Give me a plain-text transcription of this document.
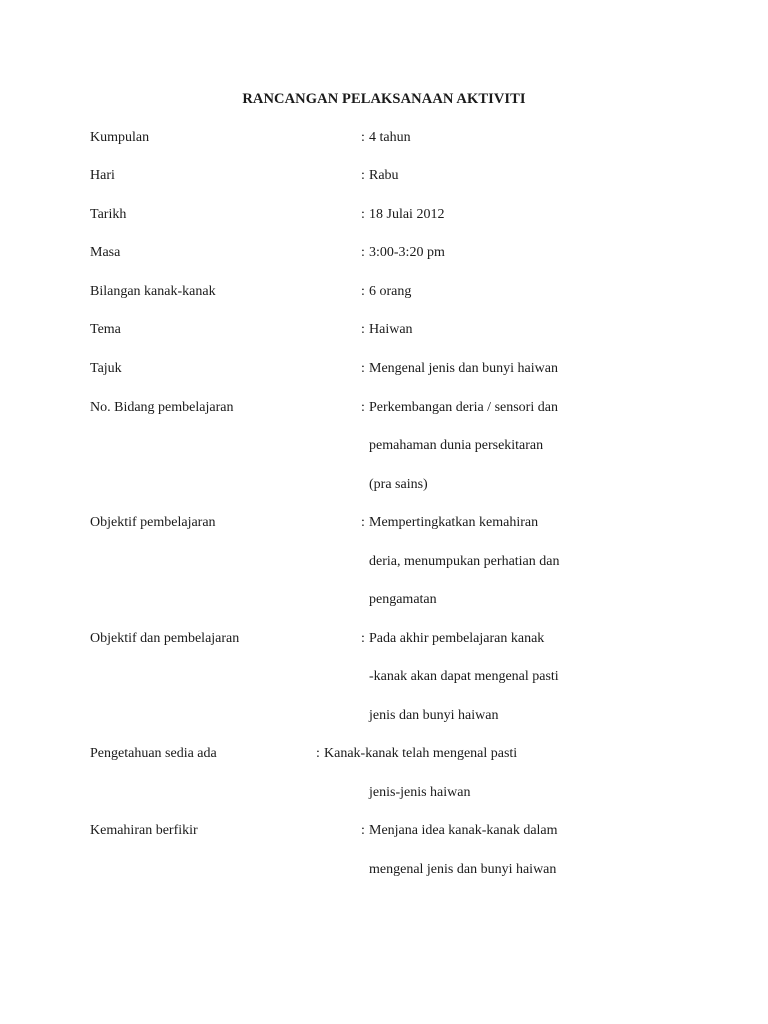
RANCANGAN PELAKSANAAN AKTIVITI
Kumpulan	: 4 tahun
Hari	: Rabu
Tarikh	: 18 Julai 2012
Masa	: 3:00-3:20 pm
Bilangan kanak-kanak	: 6 orang
Tema	: Haiwan
Tajuk	: Mengenal jenis dan bunyi haiwan
No. Bidang pembelajaran	: Perkembangan deria / sensori dan
pemahaman dunia persekitaran
(pra sains)
Objektif pembelajaran	: Mempertingkatkan kemahiran
deria, menumpukan perhatian dan
pengamatan
Objektif dan pembelajaran	: Pada akhir pembelajaran kanak
-kanak akan dapat mengenal pasti
jenis dan bunyi haiwan
Pengetahuan sedia ada	: Kanak-kanak telah mengenal pasti
jenis-jenis haiwan
Kemahiran berfikir	: Menjana idea kanak-kanak dalam
mengenal jenis dan bunyi haiwan
